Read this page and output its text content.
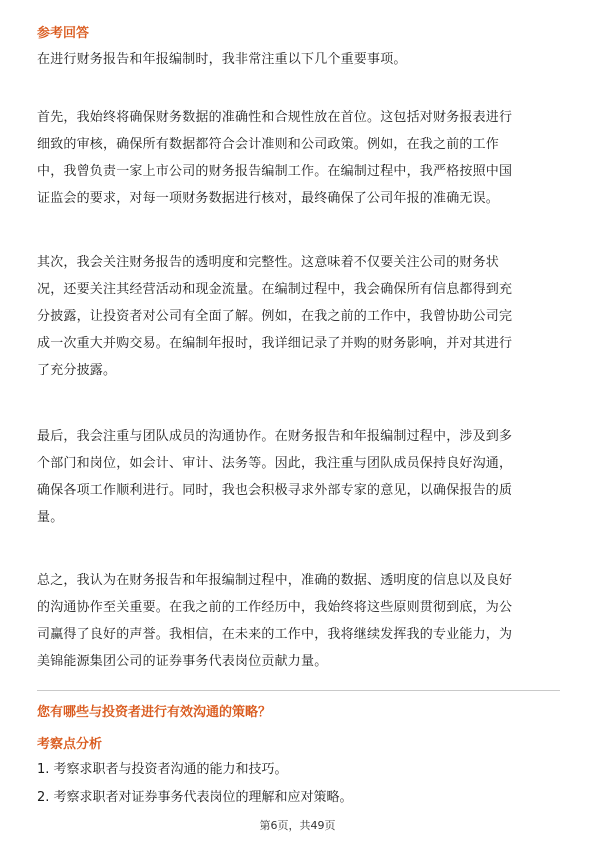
参考回答
在进行财务报告和年报编制时，我非常注重以下几个重要事项。
首先，我始终将确保财务数据的准确性和合规性放在首位。这包括对财务报表进行
细致的审核，确保所有数据都符合会计准则和公司政策。例如，在我之前的工作
中，我曾负责一家上市公司的财务报告编制工作。在编制过程中，我严格按照中国
证监会的要求，对每一项财务数据进行核对，最终确保了公司年报的准确无误。
其次，我会关注财务报告的透明度和完整性。这意味着不仅要关注公司的财务状
况，还要关注其经营活动和现金流量。在编制过程中，我会确保所有信息都得到充
分披露，让投资者对公司有全面了解。例如，在我之前的工作中，我曾协助公司完
成一次重大并购交易。在编制年报时，我详细记录了并购的财务影响，并对其进行
了充分披露。
最后，我会注重与团队成员的沟通协作。在财务报告和年报编制过程中，涉及到多
个部门和岗位，如会计、审计、法务等。因此，我注重与团队成员保持良好沟通，
确保各项工作顺利进行。同时，我也会积极寻求外部专家的意见，以确保报告的质
量。
总之，我认为在财务报告和年报编制过程中，准确的数据、透明度的信息以及良好
的沟通协作至关重要。在我之前的工作经历中，我始终将这些原则贯彻到底，为公
司赢得了良好的声誉。我相信，在未来的工作中，我将继续发挥我的专业能力，为
美锦能源集团公司的证券事务代表岗位贡献力量。
您有哪些与投资者进行有效沟通的策略？
考察点分析
1. 考察求职者与投资者沟通的能力和技巧。
2. 考察求职者对证券事务代表岗位的理解和应对策略。
第6页，共49页
